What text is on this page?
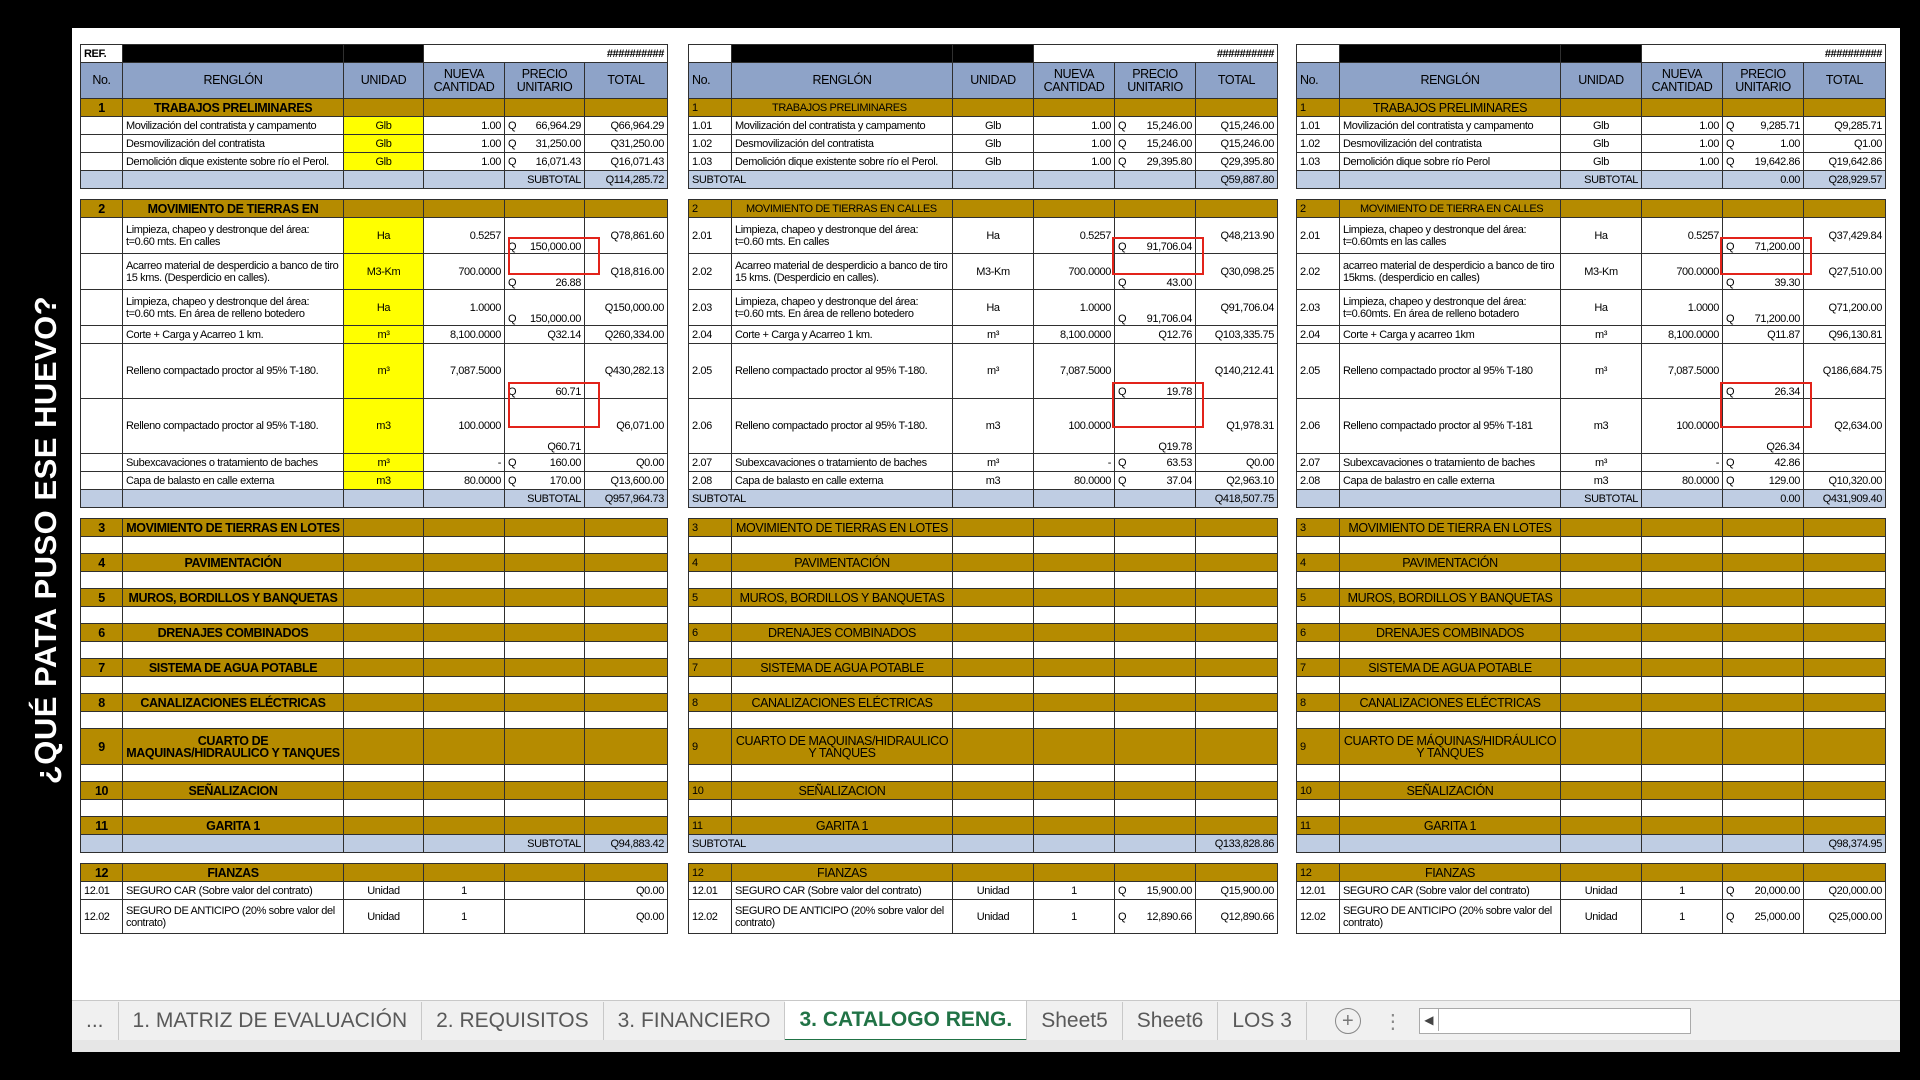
¿QUÉ PATA PUSO ESE HUEVO?
REF.			##########		
No.	RENGLÓN	UNIDAD	NUEVA CANTIDAD	PRECIO UNITARIO	TOTAL
1	TRABAJOS PRELIMINARES				
	Movilización del contratista y campamento	Glb	1.00	Q 66,964.29	Q66,964.29
	Desmovilización del contratista	Glb	1.00	Q 31,250.00	Q31,250.00
	Demolición dique existente sobre río el Perol.	Glb	1.00	Q 16,071.43	Q16,071.43
				SUBTOTAL	Q114,285.72

2	MOVIMIENTO DE TIERRAS EN				
	Limpieza, chapeo y destronque del área: t=0.60 mts. En calles	Ha	0.5257	Q 150,000.00	Q78,861.60
	Acarreo material de desperdicio a banco de tiro 15 kms. (Desperdicio en calles).	M3-Km	700.0000	Q 26.88	Q18,816.00
	Limpieza, chapeo y destronque del área: t=0.60 mts. En área de relleno botedero	Ha	1.0000	Q 150,000.00	Q150,000.00
	Corte + Carga y Acarreo 1 km.	m³	8,100.0000	Q32.14	Q260,334.00
	Relleno compactado proctor al 95% T-180.	m³	7,087.5000	Q 60.71	Q430,282.13
	Relleno compactado proctor al 95% T-180.	m3	100.0000	Q60.71	Q6,071.00
	Subexcavaciones o tratamiento de baches	m³	-	Q 160.00	Q0.00
	Capa de balasto en calle externa	m3	80.0000	Q 170.00	Q13,600.00
				SUBTOTAL	Q957,964.73

3	MOVIMIENTO DE TIERRAS EN LOTES				

4	PAVIMENTACIÓN				

5	MUROS, BORDILLOS Y BANQUETAS				

6	DRENAJES COMBINADOS				

7	SISTEMA DE AGUA POTABLE				

8	CANALIZACIONES ELÉCTRICAS				

9	CUARTO DE MAQUINAS/HIDRAULICO Y TANQUES				

10	SEÑALIZACION				

11	GARITA 1				
				SUBTOTAL	Q94,883.42

12	FIANZAS				
12.01	SEGURO CAR (Sobre valor del contrato)	Unidad	1		Q0.00
12.02	SEGURO DE ANTICIPO (20% sobre valor del contrato)	Unidad	1		Q0.00
			##########		
No.	RENGLÓN	UNIDAD	NUEVA CANTIDAD	PRECIO UNITARIO	TOTAL
1	TRABAJOS PRELIMINARES				
1.01	Movilización del contratista y campamento	Glb	1.00	Q 15,246.00	Q15,246.00
1.02	Desmovilización del contratista	Glb	1.00	Q 15,246.00	Q15,246.00
1.03	Demolición dique existente sobre río el Perol.	Glb	1.00	Q 29,395.80	Q29,395.80
SUBTOTAL					Q59,887.80

2	MOVIMIENTO DE TIERRAS EN CALLES				
2.01	Limpieza, chapeo y destronque del área: t=0.60 mts. En calles	Ha	0.5257	Q 91,706.04	Q48,213.90
2.02	Acarreo material de desperdicio a banco de tiro 15 kms. (Desperdicio en calles).	M3-Km	700.0000	Q 43.00	Q30,098.25
2.03	Limpieza, chapeo y destronque del área: t=0.60 mts. En área de relleno botedero	Ha	1.0000	Q 91,706.04	Q91,706.04
2.04	Corte + Carga y Acarreo 1 km.	m³	8,100.0000	Q12.76	Q103,335.75
2.05	Relleno compactado proctor al 95% T-180.	m³	7,087.5000	Q 19.78	Q140,212.41
2.06	Relleno compactado proctor al 95% T-180.	m3	100.0000	Q19.78	Q1,978.31
2.07	Subexcavaciones o tratamiento de baches	m³	-	Q 63.53	Q0.00
2.08	Capa de balasto en calle externa	m3	80.0000	Q 37.04	Q2,963.10
SUBTOTAL					Q418,507.75

3	MOVIMIENTO DE TIERRAS EN LOTES				

4	PAVIMENTACIÓN				

5	MUROS, BORDILLOS Y BANQUETAS				

6	DRENAJES COMBINADOS				

7	SISTEMA DE AGUA POTABLE				

8	CANALIZACIONES ELÉCTRICAS				

9	CUARTO DE MAQUINAS/HIDRAULICO Y TANQUES				

10	SEÑALIZACION				

11	GARITA 1				
SUBTOTAL					Q133,828.86

12	FIANZAS				
12.01	SEGURO CAR (Sobre valor del contrato)	Unidad	1	Q 15,900.00	Q15,900.00
12.02	SEGURO DE ANTICIPO (20% sobre valor del contrato)	Unidad	1	Q 12,890.66	Q12,890.66
			##########		
No.	RENGLÓN	UNIDAD	NUEVA CANTIDAD	PRECIO UNITARIO	TOTAL
1	TRABAJOS PRELIMINARES				
1.01	Movilización del contratista y campamento	Glb	1.00	Q 9,285.71	Q9,285.71
1.02	Desmovilización del contratista	Glb	1.00	Q 1.00	Q1.00
1.03	Demolición dique sobre río Perol	Glb	1.00	Q 19,642.86	Q19,642.86
		SUBTOTAL		0.00	Q28,929.57

2	MOVIMIENTO DE TIERRA EN CALLES				
2.01	Limpieza, chapeo y destronque del área: t=0.60mts en las calles	Ha	0.5257	Q 71,200.00	Q37,429.84
2.02	acarreo material de desperdicio a banco de tiro 15kms. (desperdicio en calles)	M3-Km	700.0000	Q 39.30	Q27,510.00
2.03	Limpieza, chapeo y destronque del área: t=0.60mts. En área de relleno botadero	Ha	1.0000	Q 71,200.00	Q71,200.00
2.04	Corte + Carga y acarreo 1km	m³	8,100.0000	Q11.87	Q96,130.81
2.05	Relleno compactado proctor al 95% T-180	m³	7,087.5000	Q 26.34	Q186,684.75
2.06	Relleno compactado proctor al 95% T-181	m3	100.0000	Q26.34	Q2,634.00
2.07	Subexcavaciones o tratamiento de baches	m³	-	Q 42.86	
2.08	Capa de balastro en calle externa	m3	80.0000	Q 129.00	Q10,320.00
		SUBTOTAL		0.00	Q431,909.40

3	MOVIMIENTO DE TIERRA EN LOTES				

4	PAVIMENTACIÓN				

5	MUROS, BORDILLOS Y BANQUETAS				

6	DRENAJES COMBINADOS				

7	SISTEMA DE AGUA POTABLE				

8	CANALIZACIONES ELÉCTRICAS				

9	CUARTO DE MÁQUINAS/HIDRÁULICO Y TANQUES				

10	SEÑALIZACIÓN				

11	GARITA 1				
					Q98,374.95

12	FIANZAS				
12.01	SEGURO CAR (Sobre valor del contrato)	Unidad	1	Q 20,000.00	Q20,000.00
12.02	SEGURO DE ANTICIPO (20% sobre valor del contrato)	Unidad	1	Q 25,000.00	Q25,000.00
...	1. MATRIZ DE EVALUACIÓN	2. REQUISITOS	3. FINANCIERO	3. CATALOGO RENG.	Sheet5	Sheet6	LOS 3	+	⋮	◀
